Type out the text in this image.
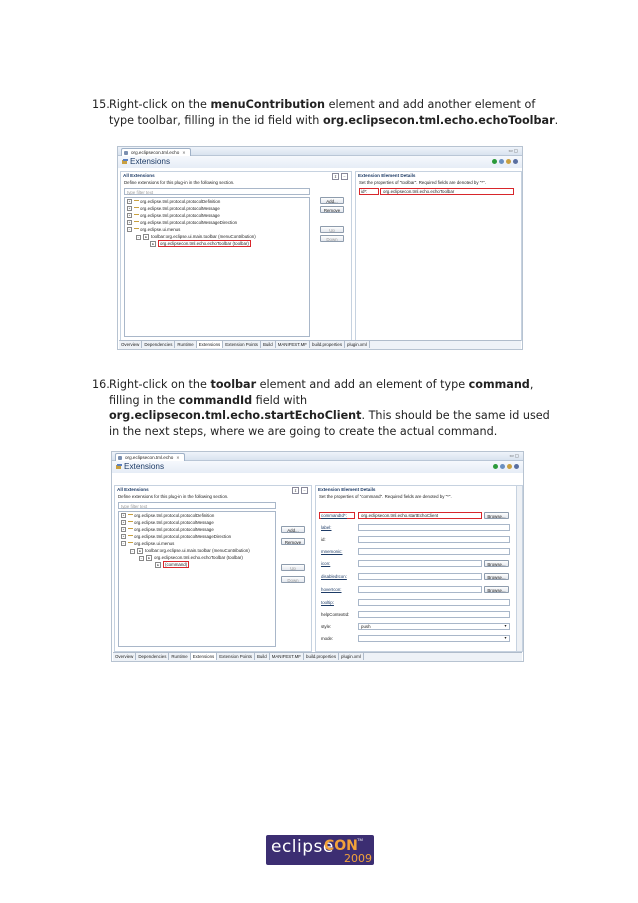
15. Right-click on the menuContribution element and add another element of type toolbar, filling in the id field with org.eclipsecon.tml.echo.echoToolbar.
org.eclipsecon.tml.echo ✕	▭▢
Extensions
All Extensions	⇕ −
Define extensions for this plug-in in the following section.
type filter text
+ org.eclipse.tml.protocol.protocolDefinition
+ org.eclipse.tml.protocol.protocolMessage
+ org.eclipse.tml.protocol.protocolMessage
+ org.eclipse.tml.protocol.protocolMessageDirection
− org.eclipse.ui.menus
− E toolbar:org.eclipse.ui.main.toolbar (menuContribution)
E org.eclipsecon.tml.echo.echoToolbar (toolbar)
Add...
Remove
Up
Down
Extension Element Details
Set the properties of "toolbar". Required fields are denoted by "*".
id*:	org.eclipsecon.tml.echo.echoToolbar
Overview Dependencies Runtime Extensions Extension Points Build MANIFEST.MF build.properties plugin.xml
16. Right-click on the toolbar element and add an element of type command, filling in the commandId field with org.eclipsecon.tml.echo.startEchoClient. This should be the same id used in the next steps, where we are going to create the actual command.
org.eclipsecon.tml.echo ✕	▭▢
Extensions
All Extensions	⇕ −
Define extensions for this plug-in in the following section.
type filter text
+ org.eclipse.tml.protocol.protocolDefinition
+ org.eclipse.tml.protocol.protocolMessage
+ org.eclipse.tml.protocol.protocolMessage
+ org.eclipse.tml.protocol.protocolMessageDirection
− org.eclipse.ui.menus
− E toolbar:org.eclipse.ui.main.toolbar (menuContribution)
− E org.eclipsecon.tml.echo.echoToolbar (toolbar)
E (command)
Add...
Remove
Up
Down
Extension Element Details
Set the properties of "command". Required fields are denoted by "*".
commandId*:	org.eclipsecon.tml.echo.startEchoClient	Browse...
label:
id:
mnemonic:
icon:	Browse...
disabledIcon:	Browse...
hoverIcon:	Browse...
tooltip:
helpContextId:
style:	push	▼
mode:	▼
Overview Dependencies Runtime Extensions Extension Points Build MANIFEST.MF build.properties plugin.xml
eclipse
CON TM
2009
